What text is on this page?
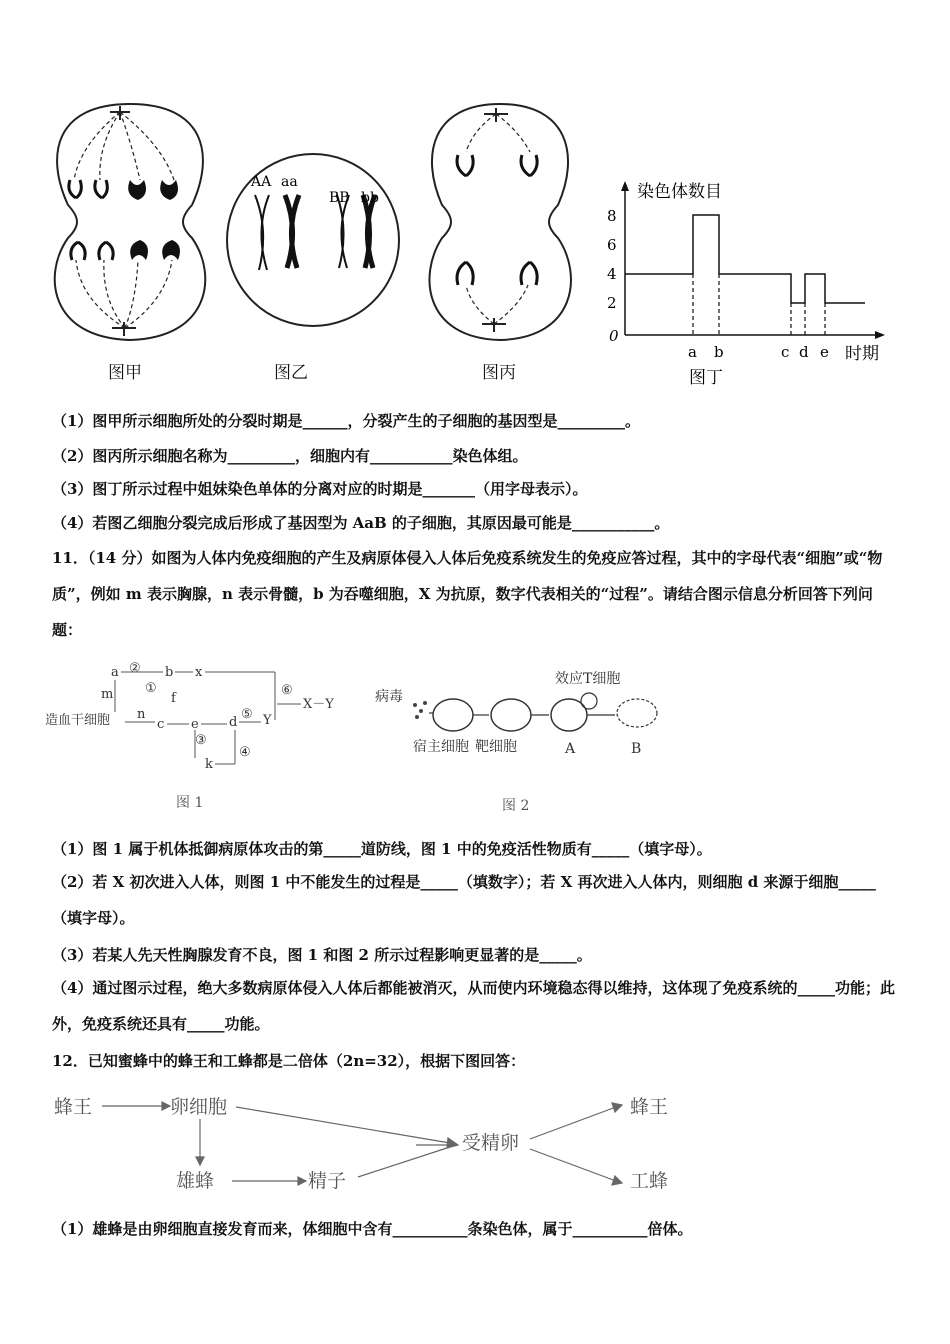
图甲
AA aa
BB bb
图乙	图丙
染色体数目
8
6
4
2
0
a b	c d e 时期
图丁
（1）图甲所示细胞所处的分裂时期是______，分裂产生的子细胞的基因型是_________。
（2）图丙所示细胞名称为_________，细胞内有___________染色体组。
（3）图丁所示过程中姐妹染色单体的分离对应的时期是_______（用字母表示）。
（4）若图乙细胞分裂完成后形成了基因型为 AaB 的子细胞，其原因最可能是___________。
11．（14 分）如图为人体内免疫细胞的产生及病原体侵入人体后免疫系统发生的免疫应答过程，其中的字母代表“细胞”或“物质”，例如 m 表示胸腺，n 表示骨髓，b 为吞噬细胞，X 为抗原，数字代表相关的“过程”。请结合图示信息分析回答下列问题：
a	b x
m	f
造血干细胞 n
c e d Y
X－Y
k
②
①
③
④
⑤
⑥
图 1
病毒
宿主细胞 靶细胞
效应T细胞
A	B
图 2
（1）图 1 属于机体抵御病原体攻击的第_____道防线，图 1 中的免疫活性物质有_____（填字母）。
（2）若 X 初次进入人体，则图 1 中不能发生的过程是_____（填数字）；若 X 再次进入人体内，则细胞 d 来源于细胞_____（填字母）。
（3）若某人先天性胸腺发育不良，图 1 和图 2 所示过程影响更显著的是_____。
（4）通过图示过程，绝大多数病原体侵入人体后都能被消灭，从而使内环境稳态得以维持，这体现了免疫系统的_____功能；此外，免疫系统还具有_____功能。
12．已知蜜蜂中的蜂王和工蜂都是二倍体（2n=32），根据下图回答：
蜂王	卵细胞
雄蜂	精子
受精卵
蜂王
工蜂
（1）雄蜂是由卵细胞直接发育而来，体细胞中含有__________条染色体，属于__________倍体。
